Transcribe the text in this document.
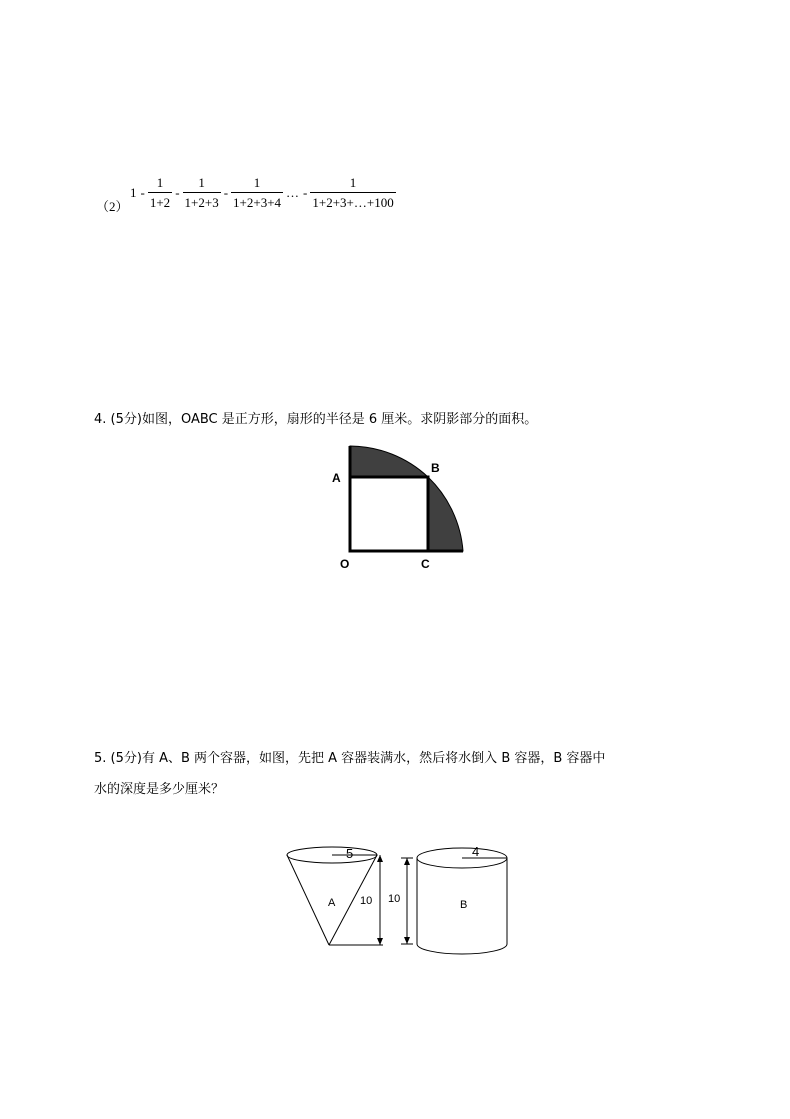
（2）
$1 - \frac{1}{1+2} - \frac{1}{1+2+3} - \frac{1}{1+2+3+4}$ … - $\frac{1}{1+2+3+\dots+100}$
4. (5分)如图，OABC 是正方形，扇形的半径是 6 厘米。求阴影部分的面积。
A
B
O	C
5. (5分)有 A、B 两个容器，如图，先把 A 容器装满水，然后将水倒入 B 容器，B 容器中
水的深度是多少厘米？
5
A 10 10
4
B
